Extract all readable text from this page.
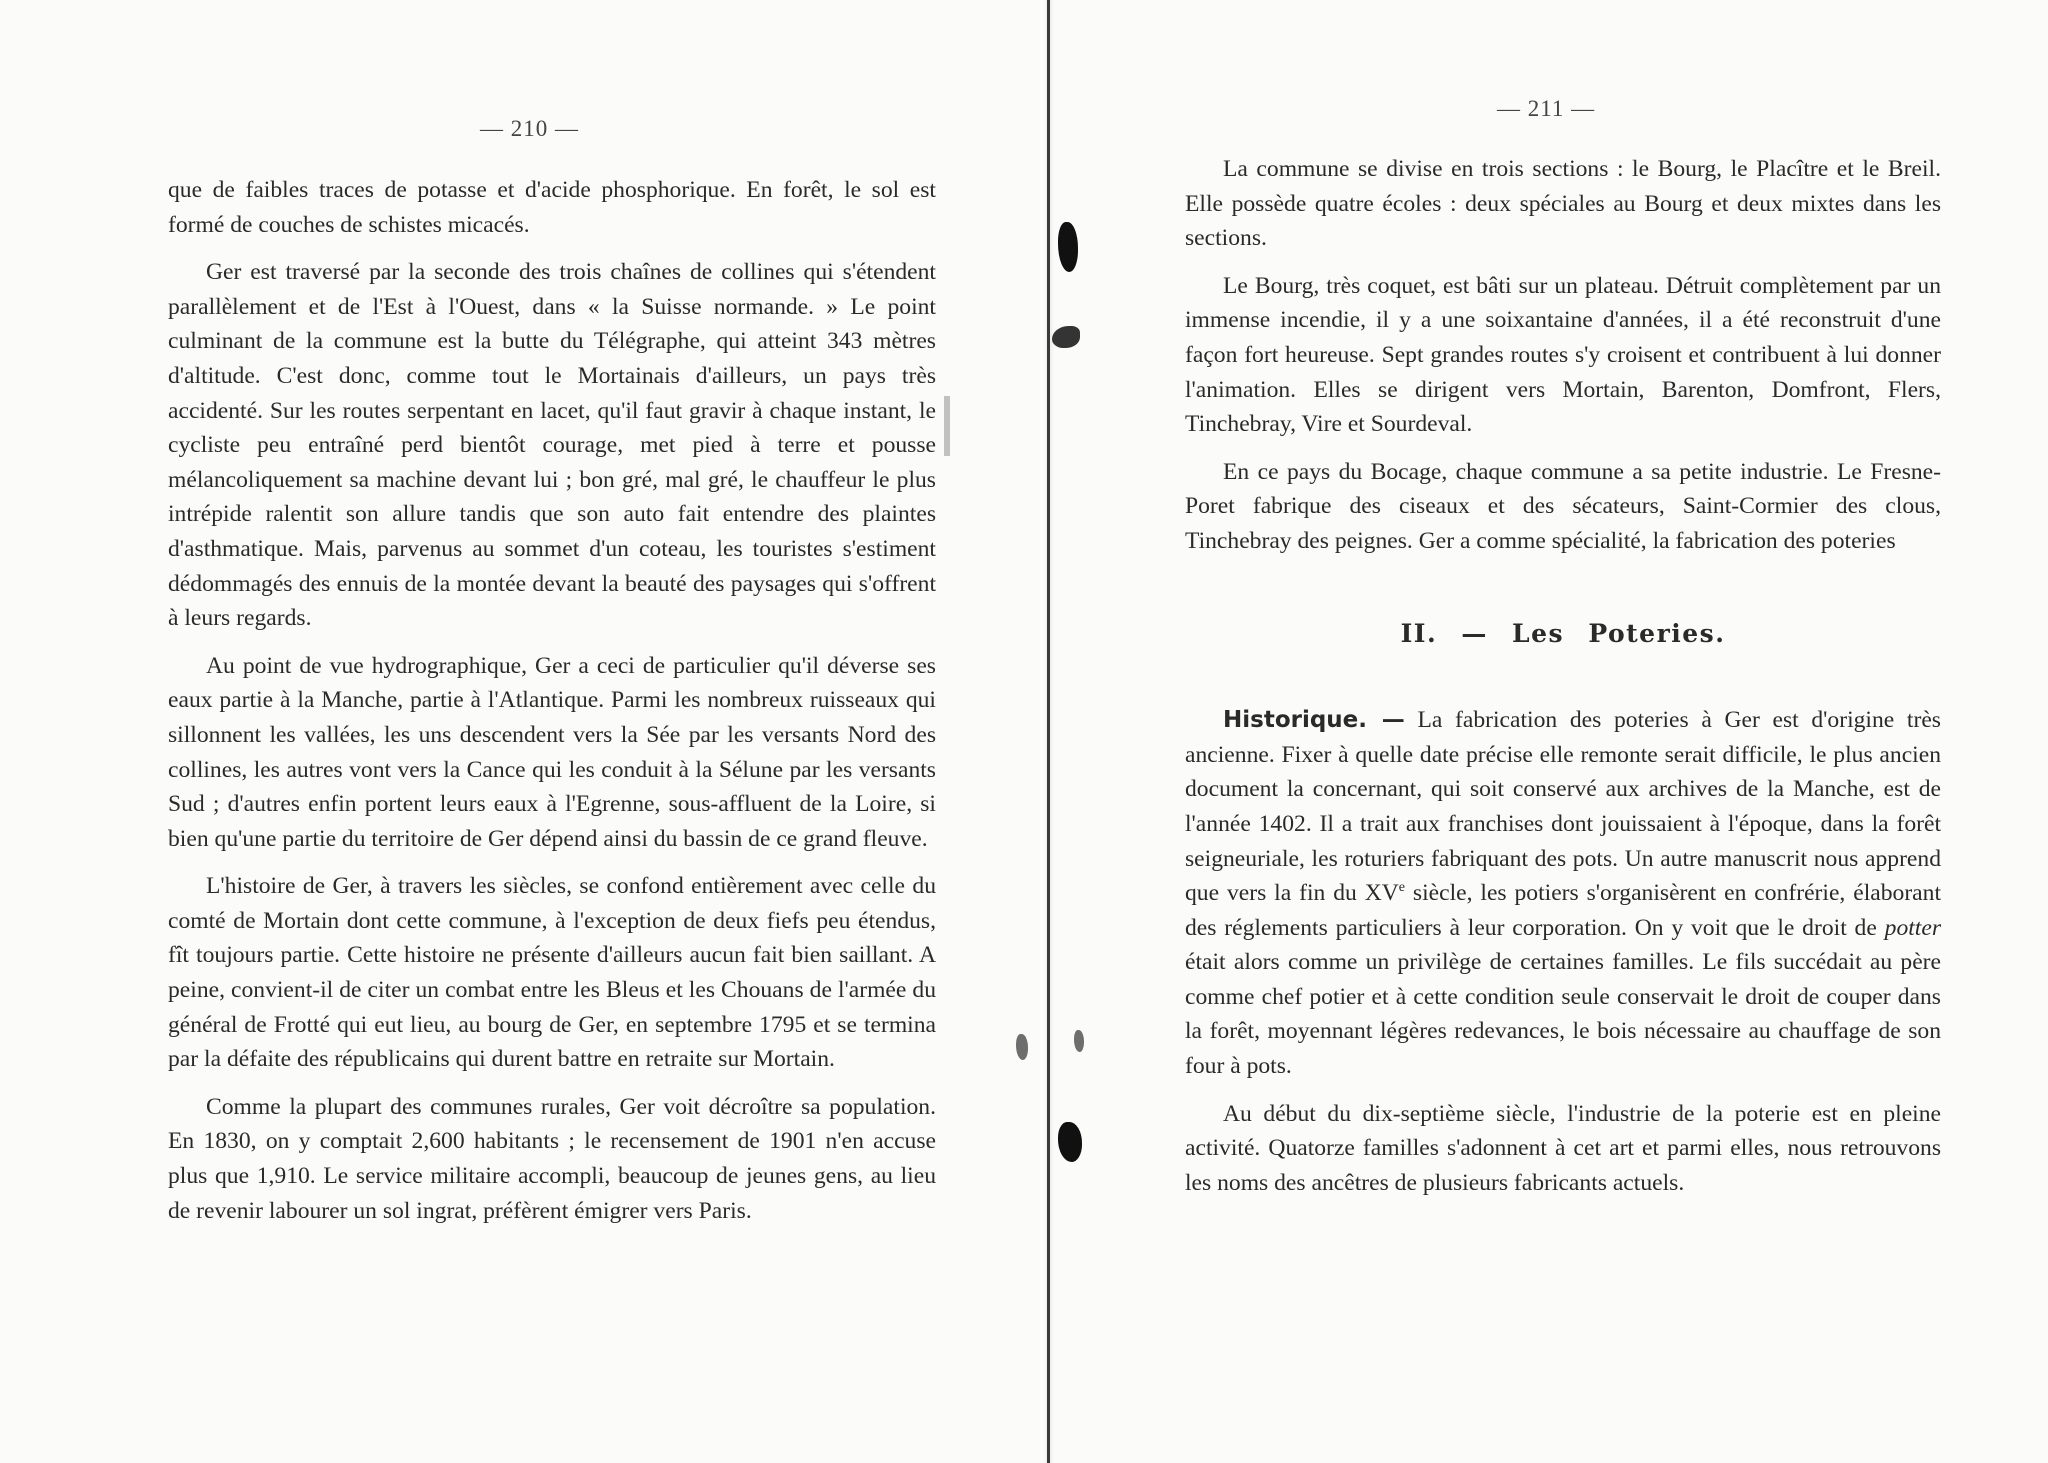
— 210 —

que de faibles traces de potasse et d'acide phosphorique. En forêt, le sol est formé de couches de schistes micacés.

Ger est traversé par la seconde des trois chaînes de collines qui s'étendent parallèlement et de l'Est à l'Ouest, dans « la Suisse normande. » Le point culminant de la commune est la butte du Télégraphe, qui atteint 343 mètres d'altitude. C'est donc, comme tout le Mortainais d'ailleurs, un pays très accidenté. Sur les routes serpentant en lacet, qu'il faut gravir à chaque instant, le cycliste peu entraîné perd bientôt courage, met pied à terre et pousse mélancoliquement sa machine devant lui ; bon gré, mal gré, le chauffeur le plus intrépide ralentit son allure tandis que son auto fait entendre des plaintes d'asthmatique. Mais, parvenus au sommet d'un coteau, les touristes s'estiment dédommagés des ennuis de la montée devant la beauté des paysages qui s'offrent à leurs regards.

Au point de vue hydrographique, Ger a ceci de particulier qu'il déverse ses eaux partie à la Manche, partie à l'Atlantique. Parmi les nombreux ruisseaux qui sillonnent les vallées, les uns descendent vers la Sée par les versants Nord des collines, les autres vont vers la Cance qui les conduit à la Sélune par les versants Sud ; d'autres enfin portent leurs eaux à l'Egrenne, sous-affluent de la Loire, si bien qu'une partie du territoire de Ger dépend ainsi du bassin de ce grand fleuve.

L'histoire de Ger, à travers les siècles, se confond entièrement avec celle du comté de Mortain dont cette commune, à l'exception de deux fiefs peu étendus, fît toujours partie. Cette histoire ne présente d'ailleurs aucun fait bien saillant. A peine, convient-il de citer un combat entre les Bleus et les Chouans de l'armée du général de Frotté qui eut lieu, au bourg de Ger, en septembre 1795 et se termina par la défaite des républicains qui durent battre en retraite sur Mortain.

Comme la plupart des communes rurales, Ger voit décroître sa population. En 1830, on y comptait 2,600 habitants ; le recensement de 1901 n'en accuse plus que 1,910. Le service militaire accompli, beaucoup de jeunes gens, au lieu de revenir labourer un sol ingrat, préfèrent émigrer vers Paris.

— 211 —

La commune se divise en trois sections : le Bourg, le Placître et le Breil. Elle possède quatre écoles : deux spéciales au Bourg et deux mixtes dans les sections.

Le Bourg, très coquet, est bâti sur un plateau. Détruit complètement par un immense incendie, il y a une soixantaine d'années, il a été reconstruit d'une façon fort heureuse. Sept grandes routes s'y croisent et contribuent à lui donner l'animation. Elles se dirigent vers Mortain, Barenton, Domfront, Flers, Tinchebray, Vire et Sourdeval.

En ce pays du Bocage, chaque commune a sa petite industrie. Le Fresne-Poret fabrique des ciseaux et des sécateurs, Saint-Cormier des clous, Tinchebray des peignes. Ger a comme spécialité, la fabrication des poteries

II. — Les Poteries.

Historique. — La fabrication des poteries à Ger est d'origine très ancienne. Fixer à quelle date précise elle remonte serait difficile, le plus ancien document la concernant, qui soit conservé aux archives de la Manche, est de l'année 1402. Il a trait aux franchises dont jouissaient à l'époque, dans la forêt seigneuriale, les roturiers fabriquant des pots. Un autre manuscrit nous apprend que vers la fin du XVe siècle, les potiers s'organisèrent en confrérie, élaborant des réglements particuliers à leur corporation. On y voit que le droit de potter était alors comme un privilège de certaines familles. Le fils succédait au père comme chef potier et à cette condition seule conservait le droit de couper dans la forêt, moyennant légères redevances, le bois nécessaire au chauffage de son four à pots.

Au début du dix-septième siècle, l'industrie de la poterie est en pleine activité. Quatorze familles s'adonnent à cet art et parmi elles, nous retrouvons les noms des ancêtres de plusieurs fabricants actuels.
